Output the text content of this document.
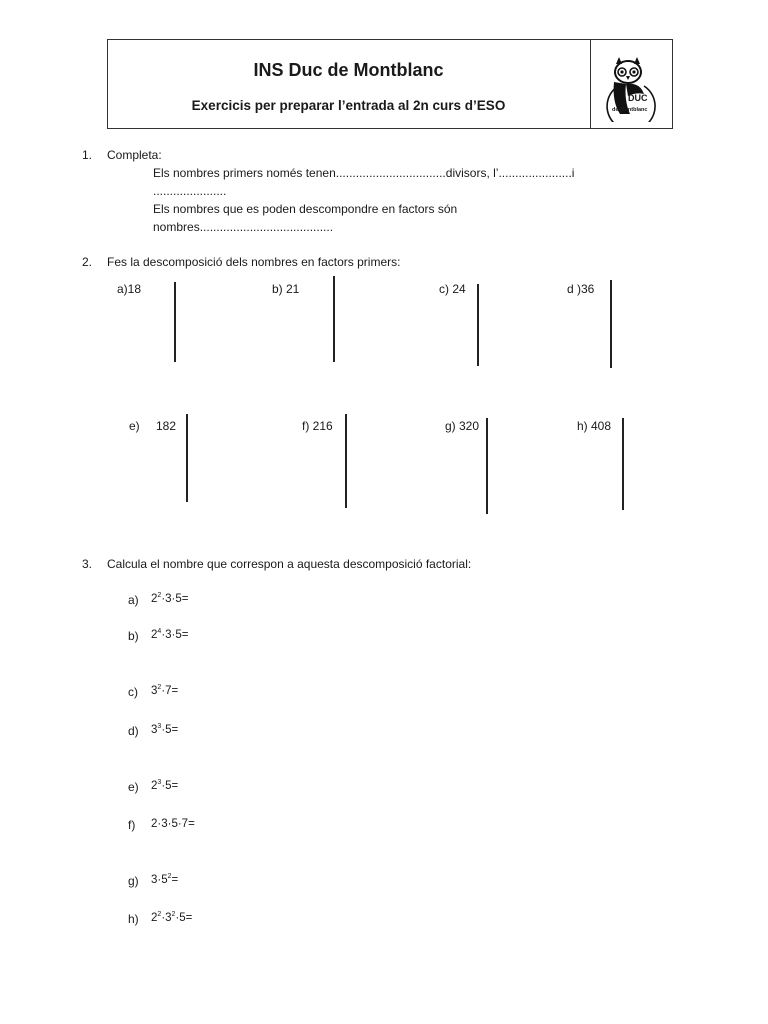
INS Duc de Montblanc
Exercicis per preparar l’entrada al 2n curs d’ESO	DUC
de Montblanc
1. Completa:
Els nombres primers només tenen.................................divisors, l’......................i
......................
Els nombres que es poden descompondre en factors són
nombres........................................
2. Fes la descomposició dels nombres en factors primers:
a)18	b) 21	c) 24	d )36
e) 182	f) 216	g) 320	h) 408
3. Calcula el nombre que correspon a aquesta descomposició factorial:
a) $2^2\cdot 3\cdot 5=$
b) $2^4\cdot 3\cdot 5=$
c) $3^2\cdot 7=$
d) $3^3\cdot 5=$
e) $2^3\cdot 5=$
f) 2·3·5·7=
g) $3\cdot 5^2=$
h) $2^2\cdot 3^2\cdot 5=$
